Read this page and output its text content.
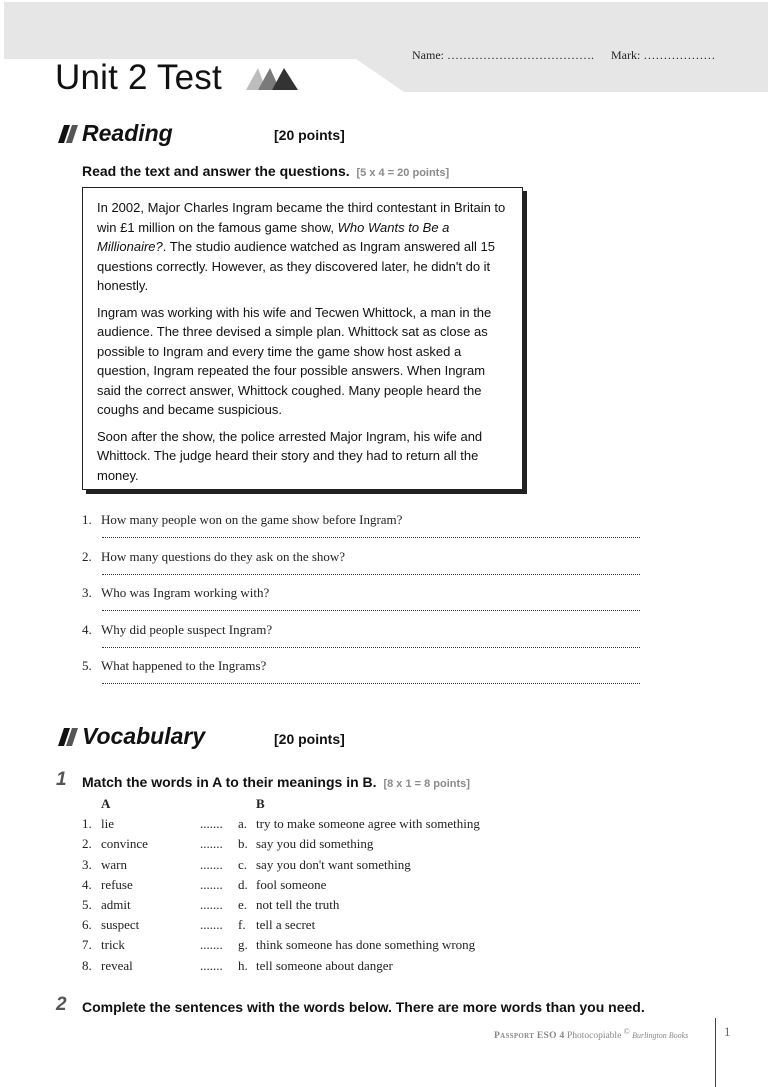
Name: ………………………………. Mark: ………………
Unit 2 Test
Reading	[20 points]
Read the text and answer the questions. [5 x 4 = 20 points]

In 2002, Major Charles Ingram became the third contestant in Britain to win £1 million on the famous game show, Who Wants to Be a Millionaire?. The studio audience watched as Ingram answered all 15 questions correctly. However, as they discovered later, he didn't do it honestly.

Ingram was working with his wife and Tecwen Whittock, a man in the audience. The three devised a simple plan. Whittock sat as close as possible to Ingram and every time the game show host asked a question, Ingram repeated the four possible answers. When Ingram said the correct answer, Whittock coughed. Many people heard the coughs and became suspicious.

Soon after the show, the police arrested Major Ingram, his wife and Whittock. The judge heard their story and they had to return all the money.

1. How many people won on the game show before Ingram?
2. How many questions do they ask on the show?
3. Who was Ingram working with?
4. Why did people suspect Ingram?
5. What happened to the Ingrams?
Vocabulary	[20 points]
1 Match the words in A to their meanings in B. [8 x 1 = 8 points]
A	B
1. lie	....... a. try to make someone agree with something
2. convince	....... b. say you did something
3. warn	....... c. say you don't want something
4. refuse	....... d. fool someone
5. admit	....... e. not tell the truth
6. suspect	....... f. tell a secret
7. trick	....... g. think someone has done something wrong
8. reveal	....... h. tell someone about danger
2 Complete the sentences with the words below. There are more words than you need.
Passport ESO 4 Photocopiable © Burlington Books	1
